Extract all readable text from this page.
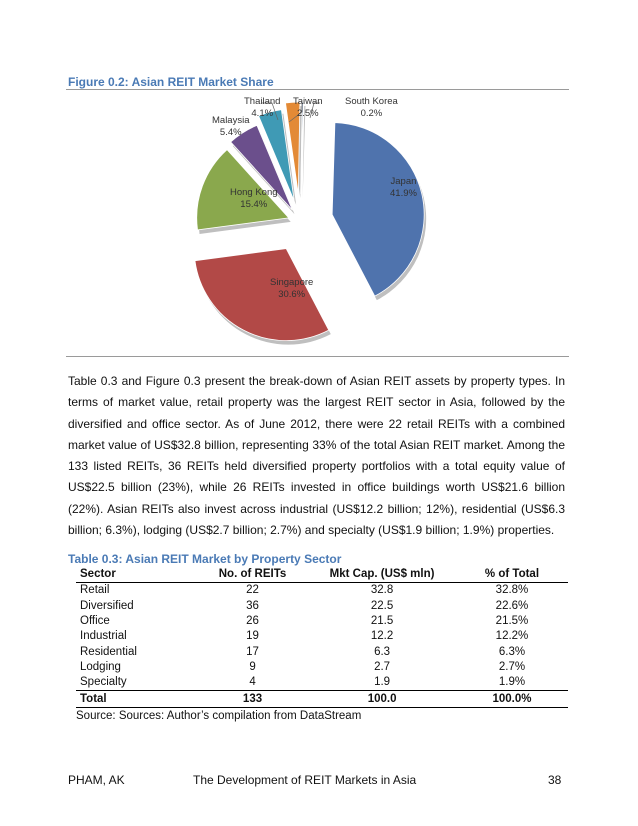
Figure 0.2: Asian REIT Market Share
Japan
41.9%
Singapore
30.6%
Hong Kong
15.4%
Malaysia
5.4%
Thailand
4.1%
Taiwan
2.5%
South Korea
0.2%

Table 0.3 and Figure 0.3 present the break-down of Asian REIT assets by property types. In terms of market value, retail property was the largest REIT sector in Asia, followed by the diversified and office sector. As of June 2012, there were 22 retail REITs with a combined market value of US$32.8 billion, representing 33% of the total Asian REIT market. Among the 133 listed REITs, 36 REITs held diversified property portfolios with a total equity value of US$22.5 billion (23%), while 26 REITs invested in office buildings worth US$21.6 billion (22%). Asian REITs also invest across industrial (US$12.2 billion; 12%), residential (US$6.3 billion; 6.3%), lodging (US$2.7 billion; 2.7%) and specialty (US$1.9 billion; 1.9%) properties.

Table 0.3: Asian REIT Market by Property Sector
Sector	No. of REITs	Mkt Cap. (US$ mln)	% of Total
Retail	22	32.8	32.8%
Diversified	36	22.5	22.6%
Office	26	21.5	21.5%
Industrial	19	12.2	12.2%
Residential	17	6.3	6.3%
Lodging	9	2.7	2.7%
Specialty	4	1.9	1.9%
Total	133	100.0	100.0%
Source: Sources: Author’s compilation from DataStream
PHAM, AK	The Development of REIT Markets in Asia	38
